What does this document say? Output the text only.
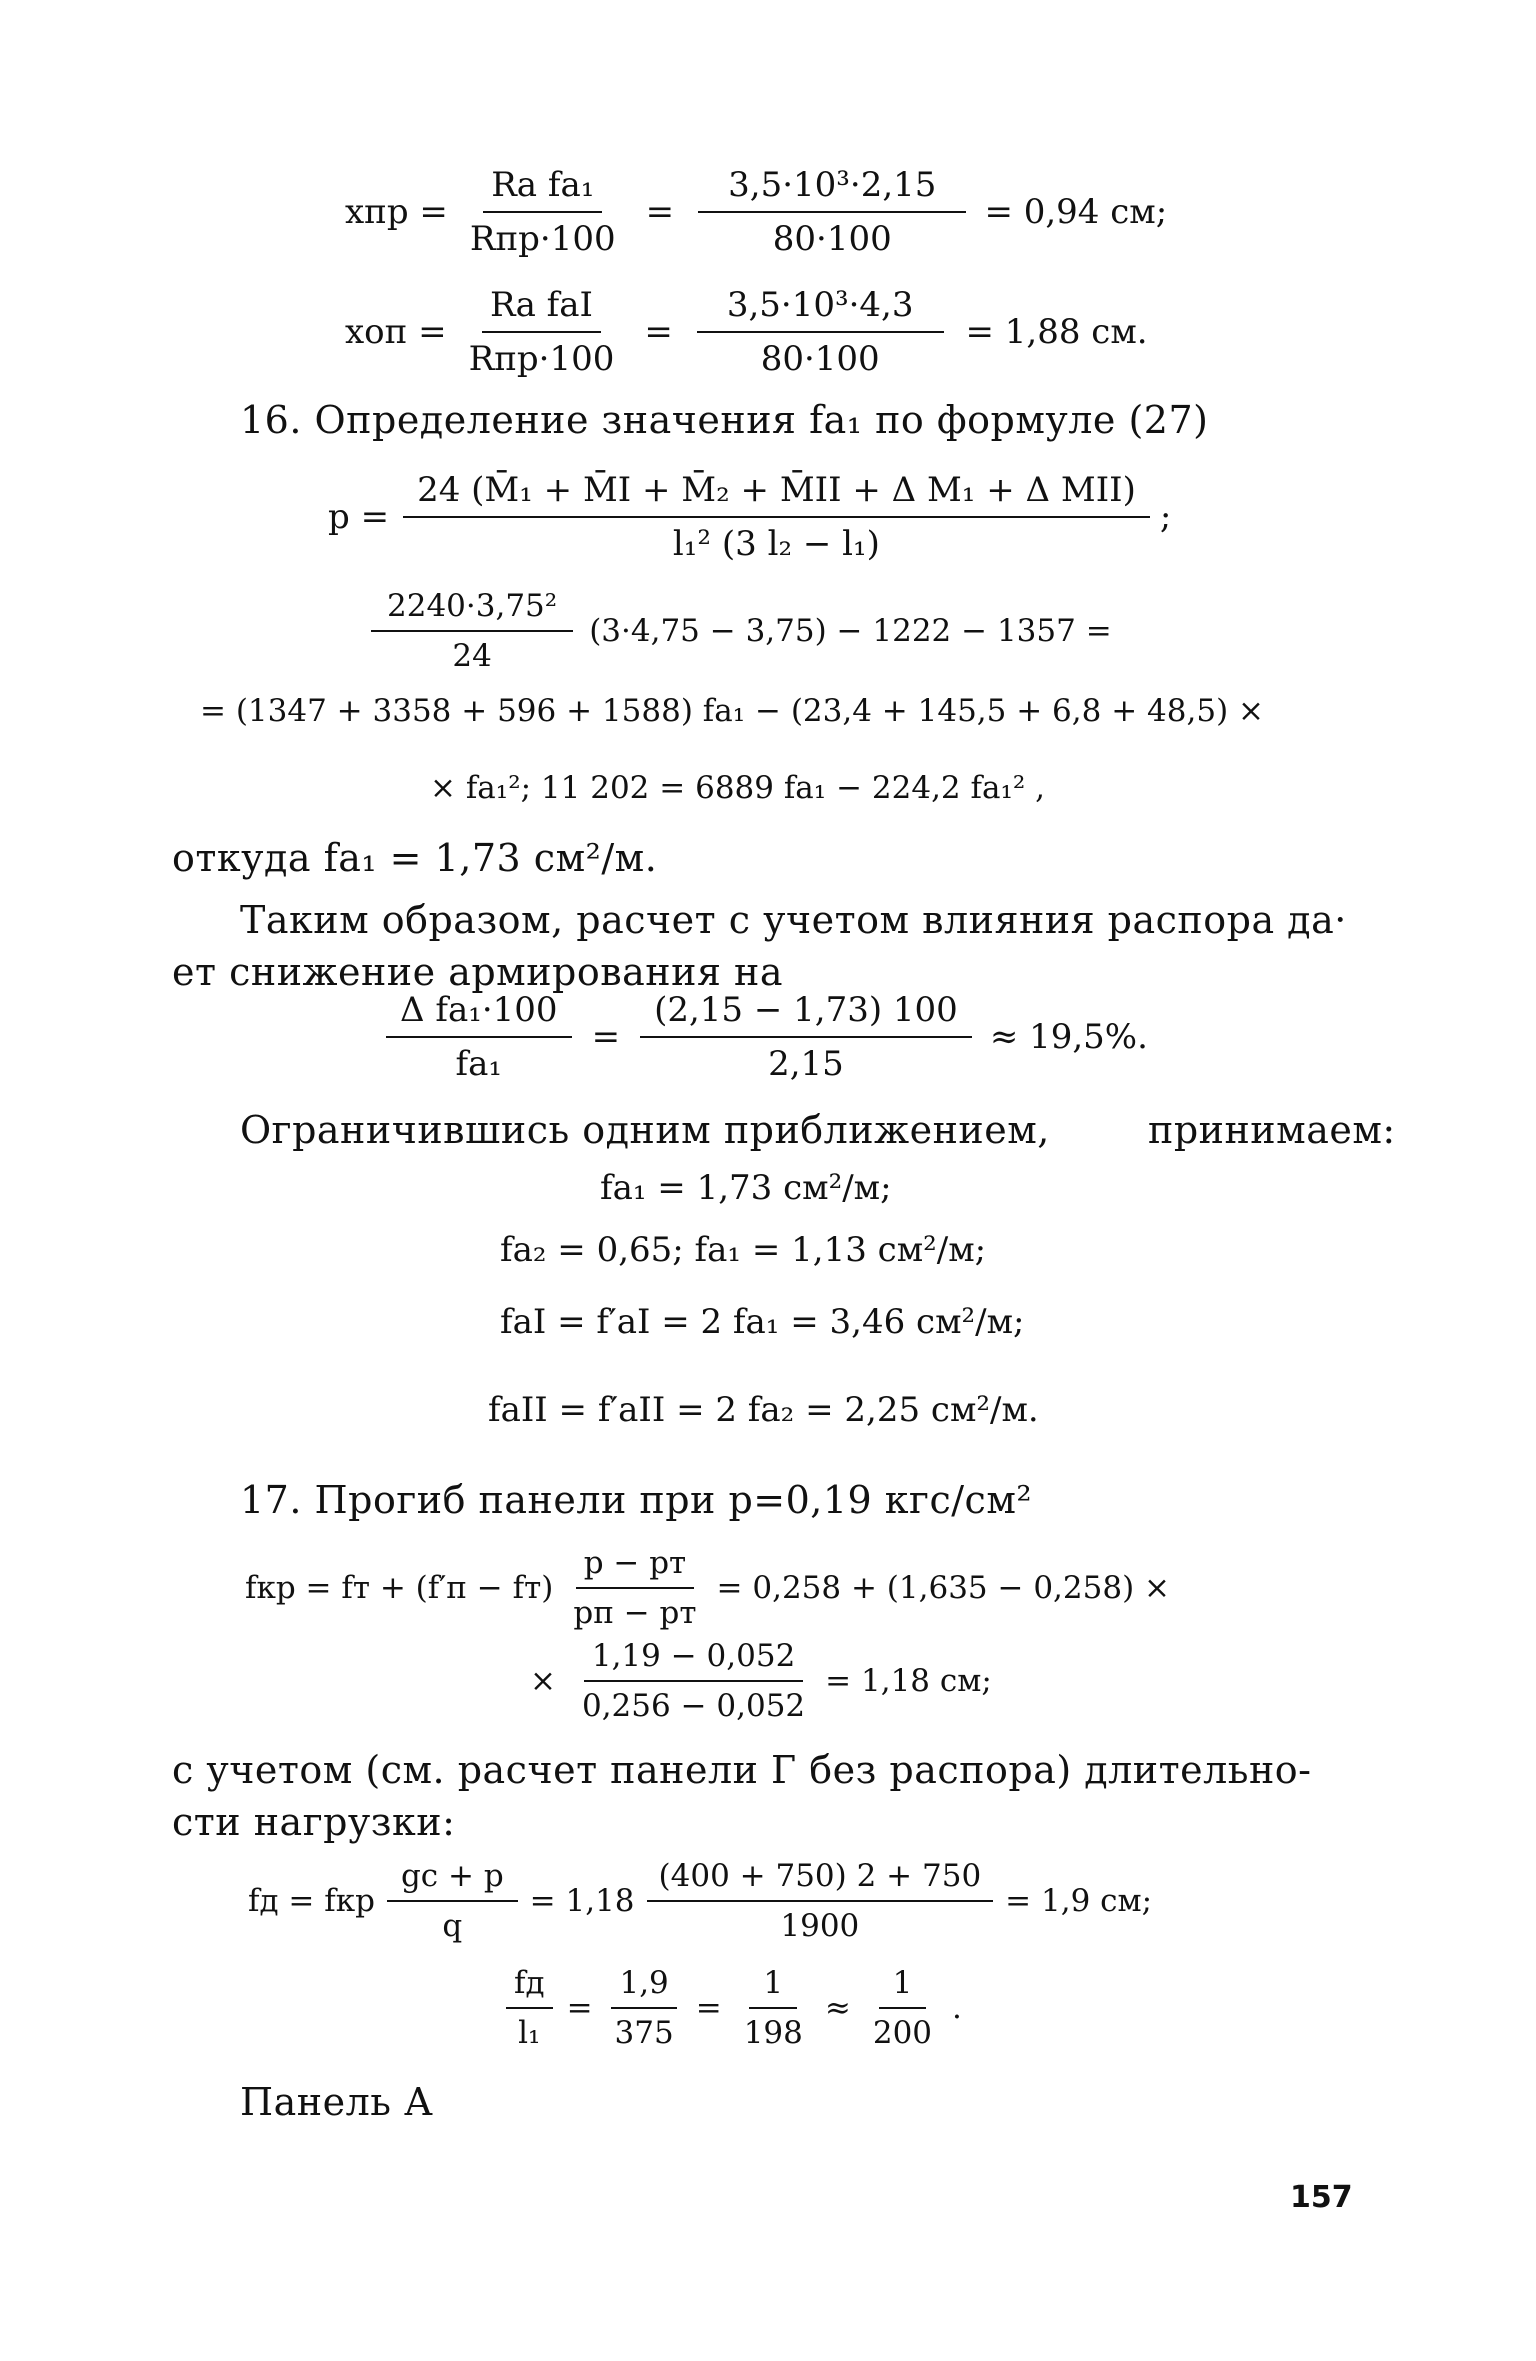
xпр = $\frac{\text{Rа fа₁}}{\text{Rпр·100}} = \frac{\text{3,5·10³·2,15}}{80\cdot 100} = 0,94$ см;
xоп = $\frac{\text{Rа fаI}}{\text{Rпр·100}} = \frac{\text{3,5·10³·4,3}}{80\cdot 100} = 1,88$ см.
16. Определение значения fа₁ по формуле (27)
$p = \frac{\text{24 (M̄₁ + M̄I + M̄₂ + M̄II + Δ M₁ + Δ MII)}}{\text{l₁² (3 l₂ − l₁)}}$ ;
$\frac{\text{2240·3,75²}}{24} (3\cdot 4,75 - 3,75) - 1222 - 1357$ =
= (1347 + 3358 + 596 + 1588) fа₁ − (23,4 + 145,5 + 6,8 + 48,5) ×
× fа₁²; 11 202 = 6889 fа₁ − 224,2 fа₁² ,
откуда fа₁ = 1,73 см²/м.
Таким образом, расчет с учетом влияния распора да·
ет снижение армирования на
$\frac{\text{Δ fа₁·100}}{\text{fа₁}} = \frac{(2,15 - 1,73) 100}{2,15} \approx 19,5\%$.
Ограничившись одним приближением,	принимаем:
fа₁ = 1,73 см²/м;
fа₂ = 0,65; fа₁ = 1,13 см²/м;
fаI = f′аI = 2 fа₁ = 3,46 см²/м;
fаII = f′аII = 2 fа₂ = 2,25 см²/м.
17. Прогиб панели при p=0,19 кгс/см²
fкр = fт + $(f'п - fт) \frac{p - pт}{pп - pт} = 0,258 + (1,635 - 0,258)$ ×
× $\frac{1,19 - 0,052}{0,256 - 0,052} = 1,18$ см;
с учетом (см. расчет панели Г без распора) длительно-
сти нагрузки:
fд = fкр $\frac{gc + p}{q} = 1,18 \frac{(400 + 750) 2 + 750}{1900} = 1,9$ см;
$\frac{fд}{\text{l₁}} = \frac{1,9}{375} = \frac{1}{198} \approx \frac{1}{200}$ .
Панель А
157
